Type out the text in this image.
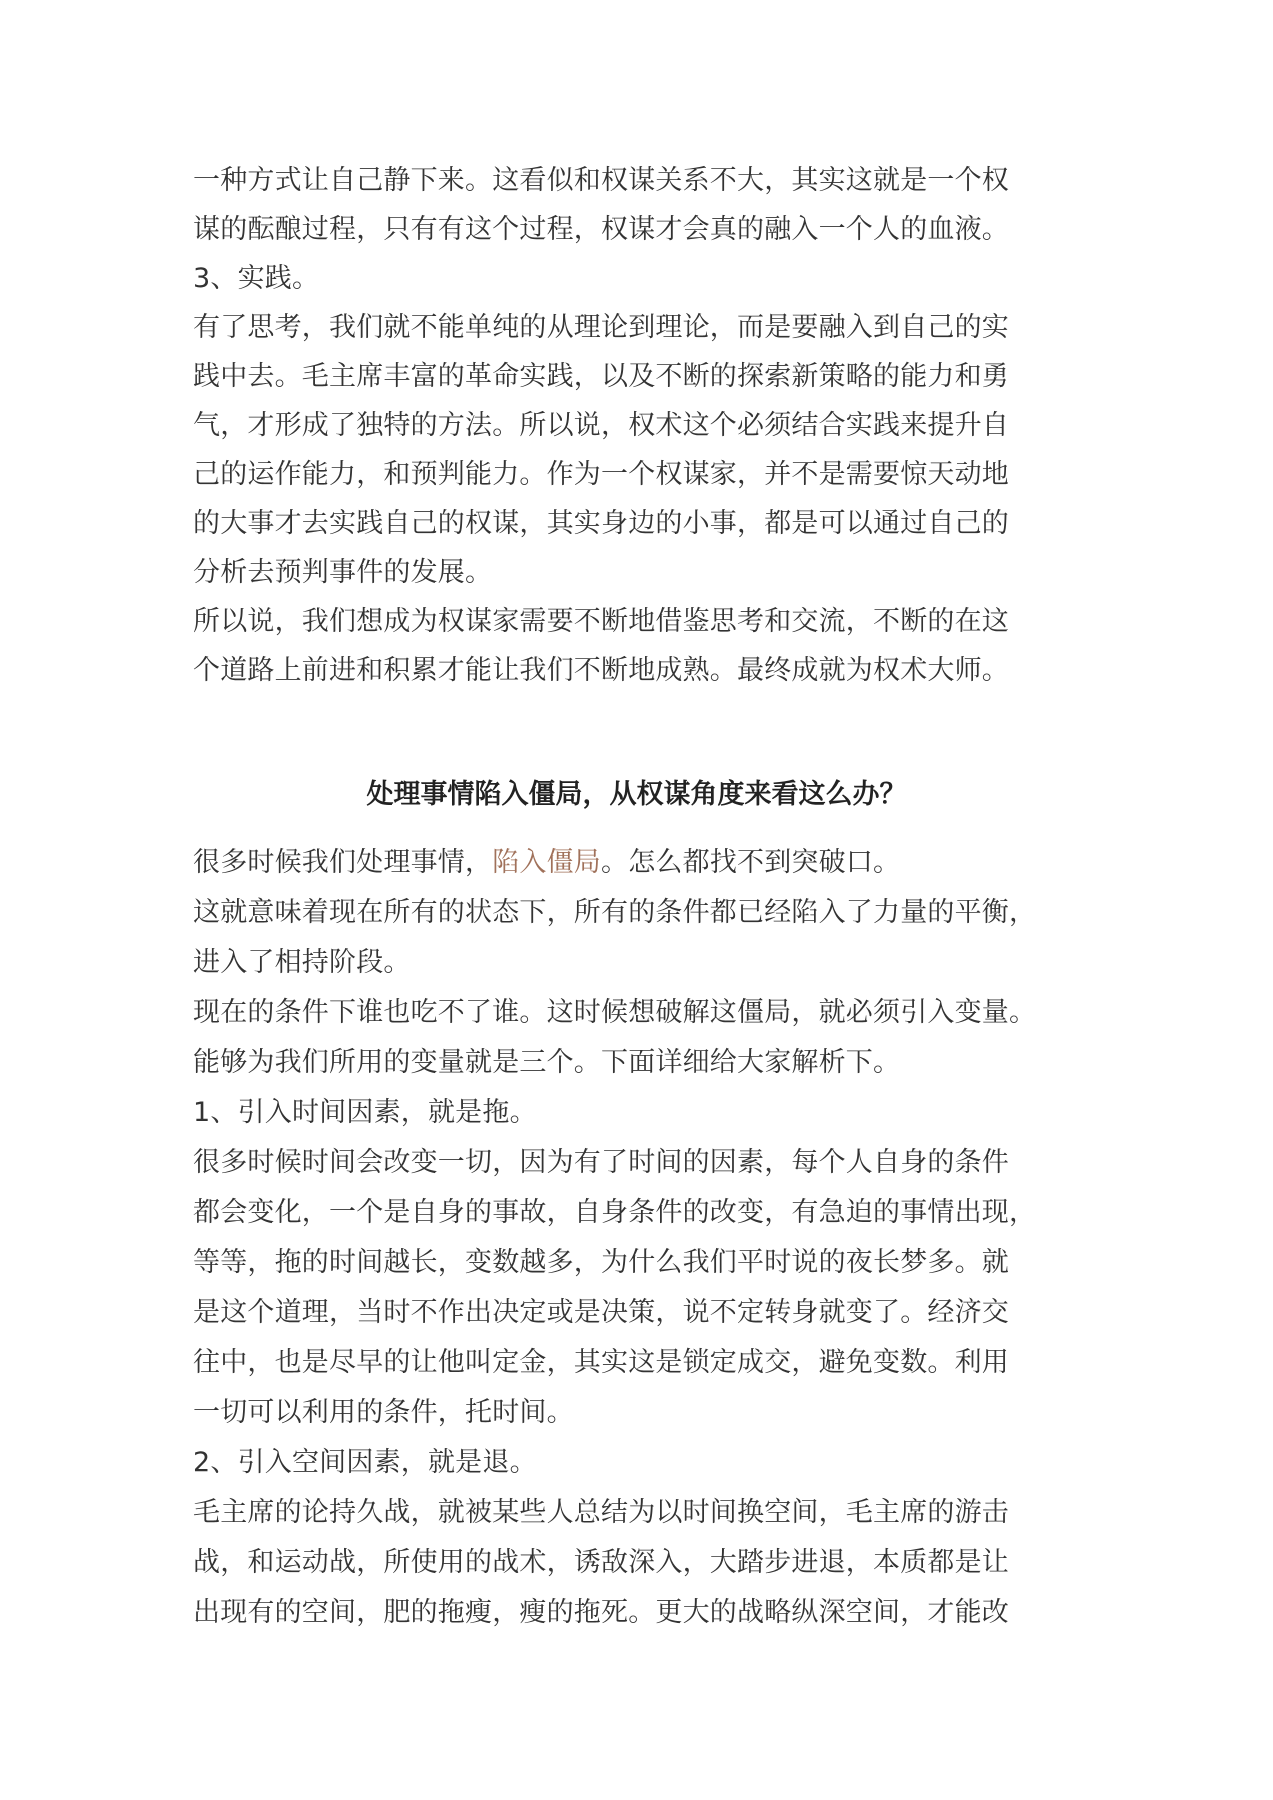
一种方式让自己静下来。这看似和权谋关系不大，其实这就是一个权
谋的酝酿过程，只有有这个过程，权谋才会真的融入一个人的血液。
3、实践。
有了思考，我们就不能单纯的从理论到理论，而是要融入到自己的实
践中去。毛主席丰富的革命实践，以及不断的探索新策略的能力和勇
气，才形成了独特的方法。所以说，权术这个必须结合实践来提升自
己的运作能力，和预判能力。作为一个权谋家，并不是需要惊天动地
的大事才去实践自己的权谋，其实身边的小事，都是可以通过自己的
分析去预判事件的发展。
所以说，我们想成为权谋家需要不断地借鉴思考和交流，不断的在这
个道路上前进和积累才能让我们不断地成熟。最终成就为权术大师。
处理事情陷入僵局，从权谋角度来看这么办？
很多时候我们处理事情，陷入僵局。怎么都找不到突破口。
这就意味着现在所有的状态下，所有的条件都已经陷入了力量的平衡，
进入了相持阶段。
现在的条件下谁也吃不了谁。这时候想破解这僵局，就必须引入变量。
能够为我们所用的变量就是三个。下面详细给大家解析下。
1、引入时间因素，就是拖。
很多时候时间会改变一切，因为有了时间的因素，每个人自身的条件
都会变化，一个是自身的事故，自身条件的改变，有急迫的事情出现，
等等，拖的时间越长，变数越多，为什么我们平时说的夜长梦多。就
是这个道理，当时不作出决定或是决策，说不定转身就变了。经济交
往中，也是尽早的让他叫定金，其实这是锁定成交，避免变数。利用
一切可以利用的条件，托时间。
2、引入空间因素，就是退。
毛主席的论持久战，就被某些人总结为以时间换空间，毛主席的游击
战，和运动战，所使用的战术，诱敌深入，大踏步进退，本质都是让
出现有的空间，肥的拖瘦，瘦的拖死。更大的战略纵深空间，才能改
